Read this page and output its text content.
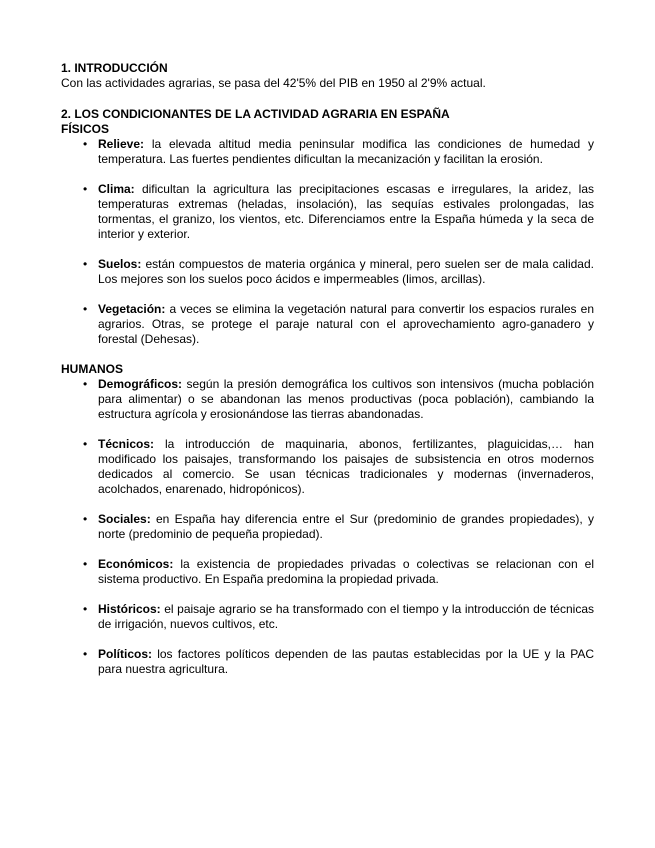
1. INTRODUCCIÓN

Con las actividades agrarias, se pasa del 42'5% del PIB en 1950 al 2'9% actual.

2. LOS CONDICIONANTES DE LA ACTIVIDAD AGRARIA EN ESPAÑA

FÍSICOS

• Relieve: la elevada altitud media peninsular modifica las condiciones de humedad y temperatura. Las fuertes pendientes dificultan la mecanización y facilitan la erosión.
• Clima: dificultan la agricultura las precipitaciones escasas e irregulares, la aridez, las temperaturas extremas (heladas, insolación), las sequías estivales prolongadas, las tormentas, el granizo, los vientos, etc. Diferenciamos entre la España húmeda y la seca de interior y exterior.
• Suelos: están compuestos de materia orgánica y mineral, pero suelen ser de mala calidad. Los mejores son los suelos poco ácidos e impermeables (limos, arcillas).
• Vegetación: a veces se elimina la vegetación natural para convertir los espacios rurales en agrarios. Otras, se protege el paraje natural con el aprovechamiento agro-ganadero y forestal (Dehesas).

HUMANOS

• Demográficos: según la presión demográfica los cultivos son intensivos (mucha población para alimentar) o se abandonan las menos productivas (poca población), cambiando la estructura agrícola y erosionándose las tierras abandonadas.
• Técnicos: la introducción de maquinaria, abonos, fertilizantes, plaguicidas,… han modificado los paisajes, transformando los paisajes de subsistencia en otros modernos dedicados al comercio. Se usan técnicas tradicionales y modernas (invernaderos, acolchados, enarenado, hidropónicos).
• Sociales: en España hay diferencia entre el Sur (predominio de grandes propiedades), y norte (predominio de pequeña propiedad).
• Económicos: la existencia de propiedades privadas o colectivas se relacionan con el sistema productivo. En España predomina la propiedad privada.
• Históricos: el paisaje agrario se ha transformado con el tiempo y la introducción de técnicas de irrigación, nuevos cultivos, etc.
• Políticos: los factores políticos dependen de las pautas establecidas por la UE y la PAC para nuestra agricultura.
